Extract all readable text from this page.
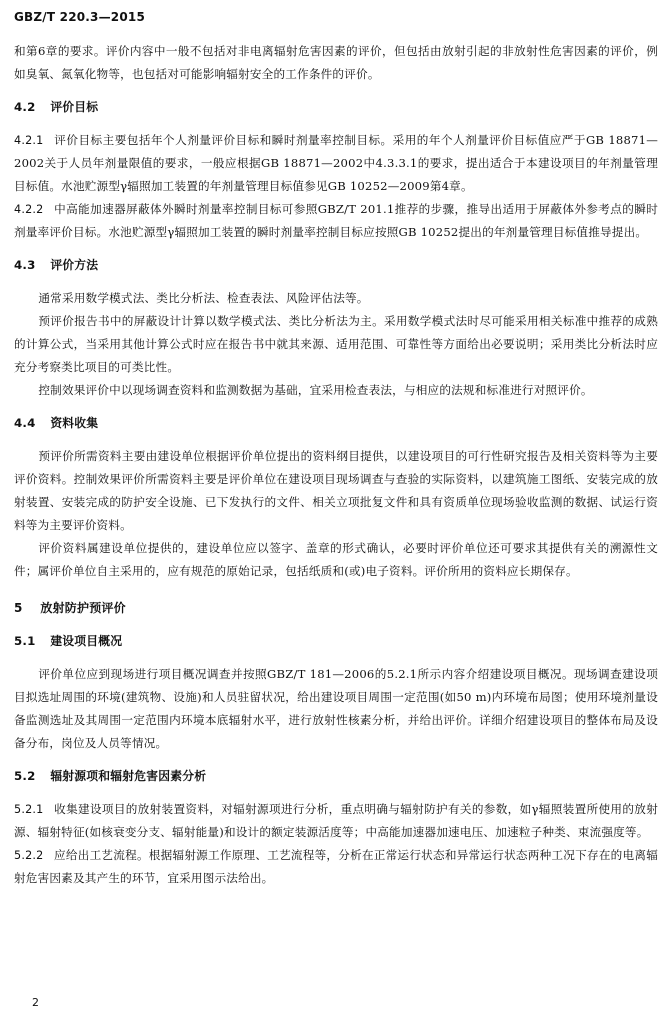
GBZ/T 220.3—2015

和第6章的要求。评价内容中一般不包括对非电离辐射危害因素的评价，但包括由放射引起的非放射性危害因素的评价，例如臭氧、氮氧化物等，也包括对可能影响辐射安全的工作条件的评价。

4.2 评价目标

4.2.1 评价目标主要包括年个人剂量评价目标和瞬时剂量率控制目标。采用的年个人剂量评价目标值应严于GB 18871—2002关于人员年剂量限值的要求，一般应根据GB 18871—2002中4.3.3.1的要求，提出适合于本建设项目的年剂量管理目标值。水池贮源型γ辐照加工装置的年剂量管理目标值参见GB 10252—2009第4章。

4.2.2 中高能加速器屏蔽体外瞬时剂量率控制目标可参照GBZ/T 201.1推荐的步骤，推导出适用于屏蔽体外参考点的瞬时剂量率评价目标。水池贮源型γ辐照加工装置的瞬时剂量率控制目标应按照GB 10252提出的年剂量管理目标值推导提出。

4.3 评价方法

通常采用数学模式法、类比分析法、检查表法、风险评估法等。

预评价报告书中的屏蔽设计计算以数学模式法、类比分析法为主。采用数学模式法时尽可能采用相关标准中推荐的成熟的计算公式，当采用其他计算公式时应在报告书中就其来源、适用范围、可靠性等方面给出必要说明；采用类比分析法时应充分考察类比项目的可类比性。

控制效果评价中以现场调查资料和监测数据为基础，宜采用检查表法，与相应的法规和标准进行对照评价。

4.4 资料收集

预评价所需资料主要由建设单位根据评价单位提出的资料纲目提供，以建设项目的可行性研究报告及相关资料等为主要评价资料。控制效果评价所需资料主要是评价单位在建设项目现场调查与查验的实际资料，以建筑施工图纸、安装完成的放射装置、安装完成的防护安全设施、已下发执行的文件、相关立项批复文件和具有资质单位现场验收监测的数据、试运行资料等为主要评价资料。

评价资料属建设单位提供的，建设单位应以签字、盖章的形式确认，必要时评价单位还可要求其提供有关的溯源性文件；属评价单位自主采用的，应有规范的原始记录，包括纸质和(或)电子资料。评价所用的资料应长期保存。

5 放射防护预评价

5.1 建设项目概况

评价单位应到现场进行项目概况调查并按照GBZ/T 181—2006的5.2.1所示内容介绍建设项目概况。现场调查建设项目拟选址周围的环境(建筑物、设施)和人员驻留状况，给出建设项目周围一定范围(如50 m)内环境布局图；使用环境剂量设备监测选址及其周围一定范围内环境本底辐射水平，进行放射性核素分析，并给出评价。详细介绍建设项目的整体布局及设备分布，岗位及人员等情况。

5.2 辐射源项和辐射危害因素分析

5.2.1 收集建设项目的放射装置资料，对辐射源项进行分析，重点明确与辐射防护有关的参数，如γ辐照装置所使用的放射源、辐射特征(如核衰变分支、辐射能量)和设计的额定装源活度等；中高能加速器加速电压、加速粒子种类、束流强度等。

5.2.2 应给出工艺流程。根据辐射源工作原理、工艺流程等，分析在正常运行状态和异常运行状态两种工况下存在的电离辐射危害因素及其产生的环节，宜采用图示法给出。

2
